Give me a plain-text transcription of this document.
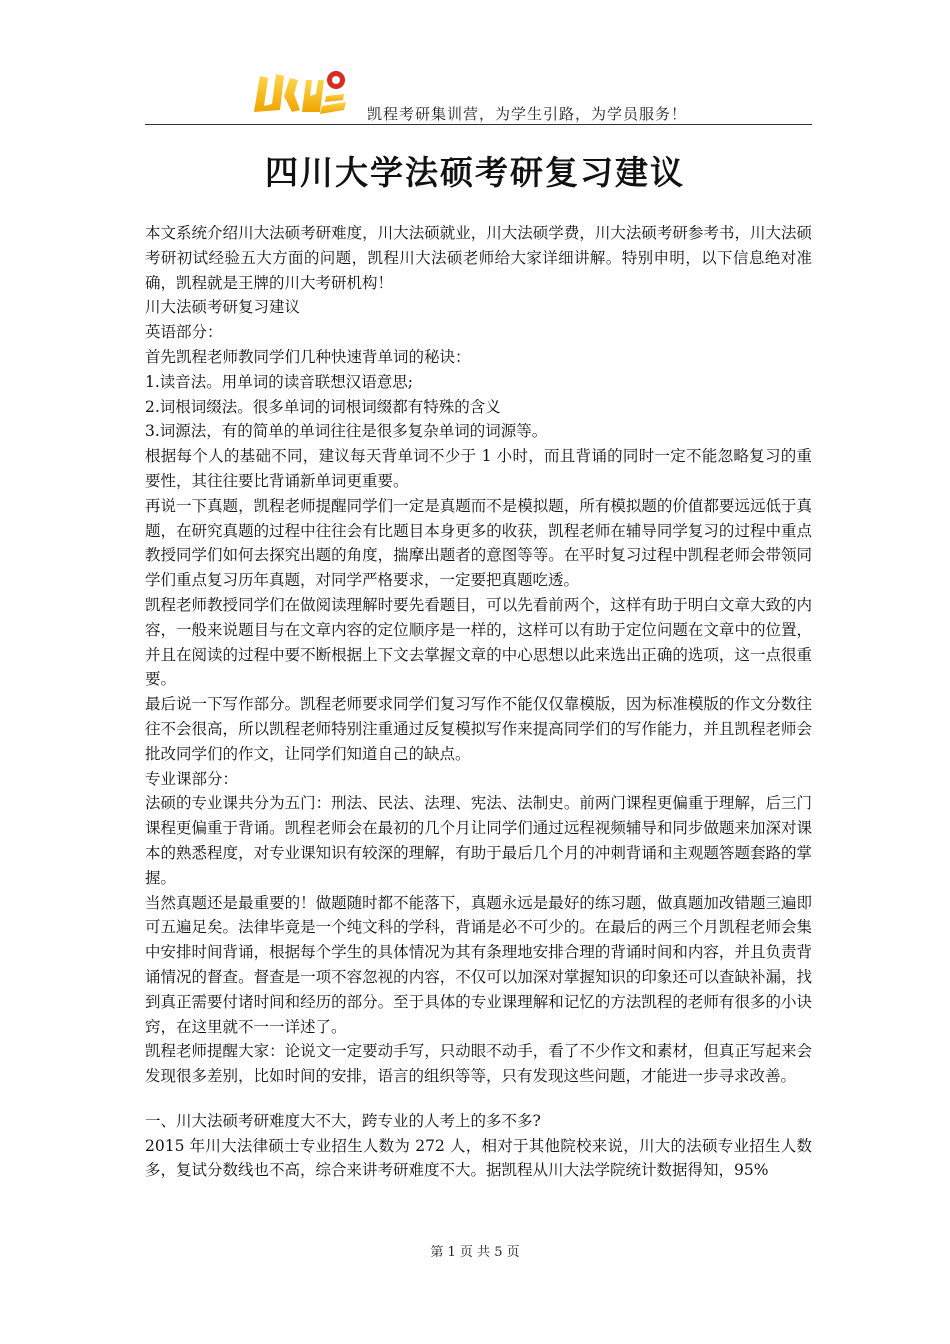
凯程考研集训营，为学生引路，为学员服务！
四川大学法硕考研复习建议

本文系统介绍川大法硕考研难度，川大法硕就业，川大法硕学费，川大法硕考研参考书，川大法硕考研初试经验五大方面的问题，凯程川大法硕老师给大家详细讲解。特别申明，以下信息绝对准确，凯程就是王牌的川大考研机构！

川大法硕考研复习建议

英语部分：

首先凯程老师教同学们几种快速背单词的秘诀：

1.读音法。用单词的读音联想汉语意思;

2.词根词缀法。很多单词的词根词缀都有特殊的含义

3.词源法，有的简单的单词往往是很多复杂单词的词源等。

根据每个人的基础不同，建议每天背单词不少于 1 小时，而且背诵的同时一定不能忽略复习的重要性，其往往要比背诵新单词更重要。

再说一下真题，凯程老师提醒同学们一定是真题而不是模拟题，所有模拟题的价值都要远远低于真题，在研究真题的过程中往往会有比题目本身更多的收获，凯程老师在辅导同学复习的过程中重点教授同学们如何去探究出题的角度，揣摩出题者的意图等等。在平时复习过程中凯程老师会带领同学们重点复习历年真题，对同学严格要求，一定要把真题吃透。

凯程老师教授同学们在做阅读理解时要先看题目，可以先看前两个，这样有助于明白文章大致的内容，一般来说题目与在文章内容的定位顺序是一样的，这样可以有助于定位问题在文章中的位置，并且在阅读的过程中要不断根据上下文去掌握文章的中心思想以此来选出正确的选项，这一点很重要。

最后说一下写作部分。凯程老师要求同学们复习写作不能仅仅靠模版，因为标准模版的作文分数往往不会很高，所以凯程老师特别注重通过反复模拟写作来提高同学们的写作能力，并且凯程老师会批改同学们的作文，让同学们知道自己的缺点。

专业课部分：

法硕的专业课共分为五门：刑法、民法、法理、宪法、法制史。前两门课程更偏重于理解，后三门课程更偏重于背诵。凯程老师会在最初的几个月让同学们通过远程视频辅导和同步做题来加深对课本的熟悉程度，对专业课知识有较深的理解，有助于最后几个月的冲刺背诵和主观题答题套路的掌握。

当然真题还是最重要的！做题随时都不能落下，真题永远是最好的练习题，做真题加改错题三遍即可五遍足矣。法律毕竟是一个纯文科的学科，背诵是必不可少的。在最后的两三个月凯程老师会集中安排时间背诵，根据每个学生的具体情况为其有条理地安排合理的背诵时间和内容，并且负责背诵情况的督查。督查是一项不容忽视的内容，不仅可以加深对掌握知识的印象还可以查缺补漏，找到真正需要付诸时间和经历的部分。至于具体的专业课理解和记忆的方法凯程的老师有很多的小诀窍，在这里就不一一详述了。

凯程老师提醒大家：论说文一定要动手写，只动眼不动手，看了不少作文和素材，但真正写起来会发现很多差别，比如时间的安排，语言的组织等等，只有发现这些问题，才能进一步寻求改善。

一、川大法硕考研难度大不大，跨专业的人考上的多不多?

2015 年川大法律硕士专业招生人数为 272 人，相对于其他院校来说，川大的法硕专业招生人数多，复试分数线也不高，综合来讲考研难度不大。据凯程从川大法学院统计数据得知，95%

第 1 页 共 5 页
